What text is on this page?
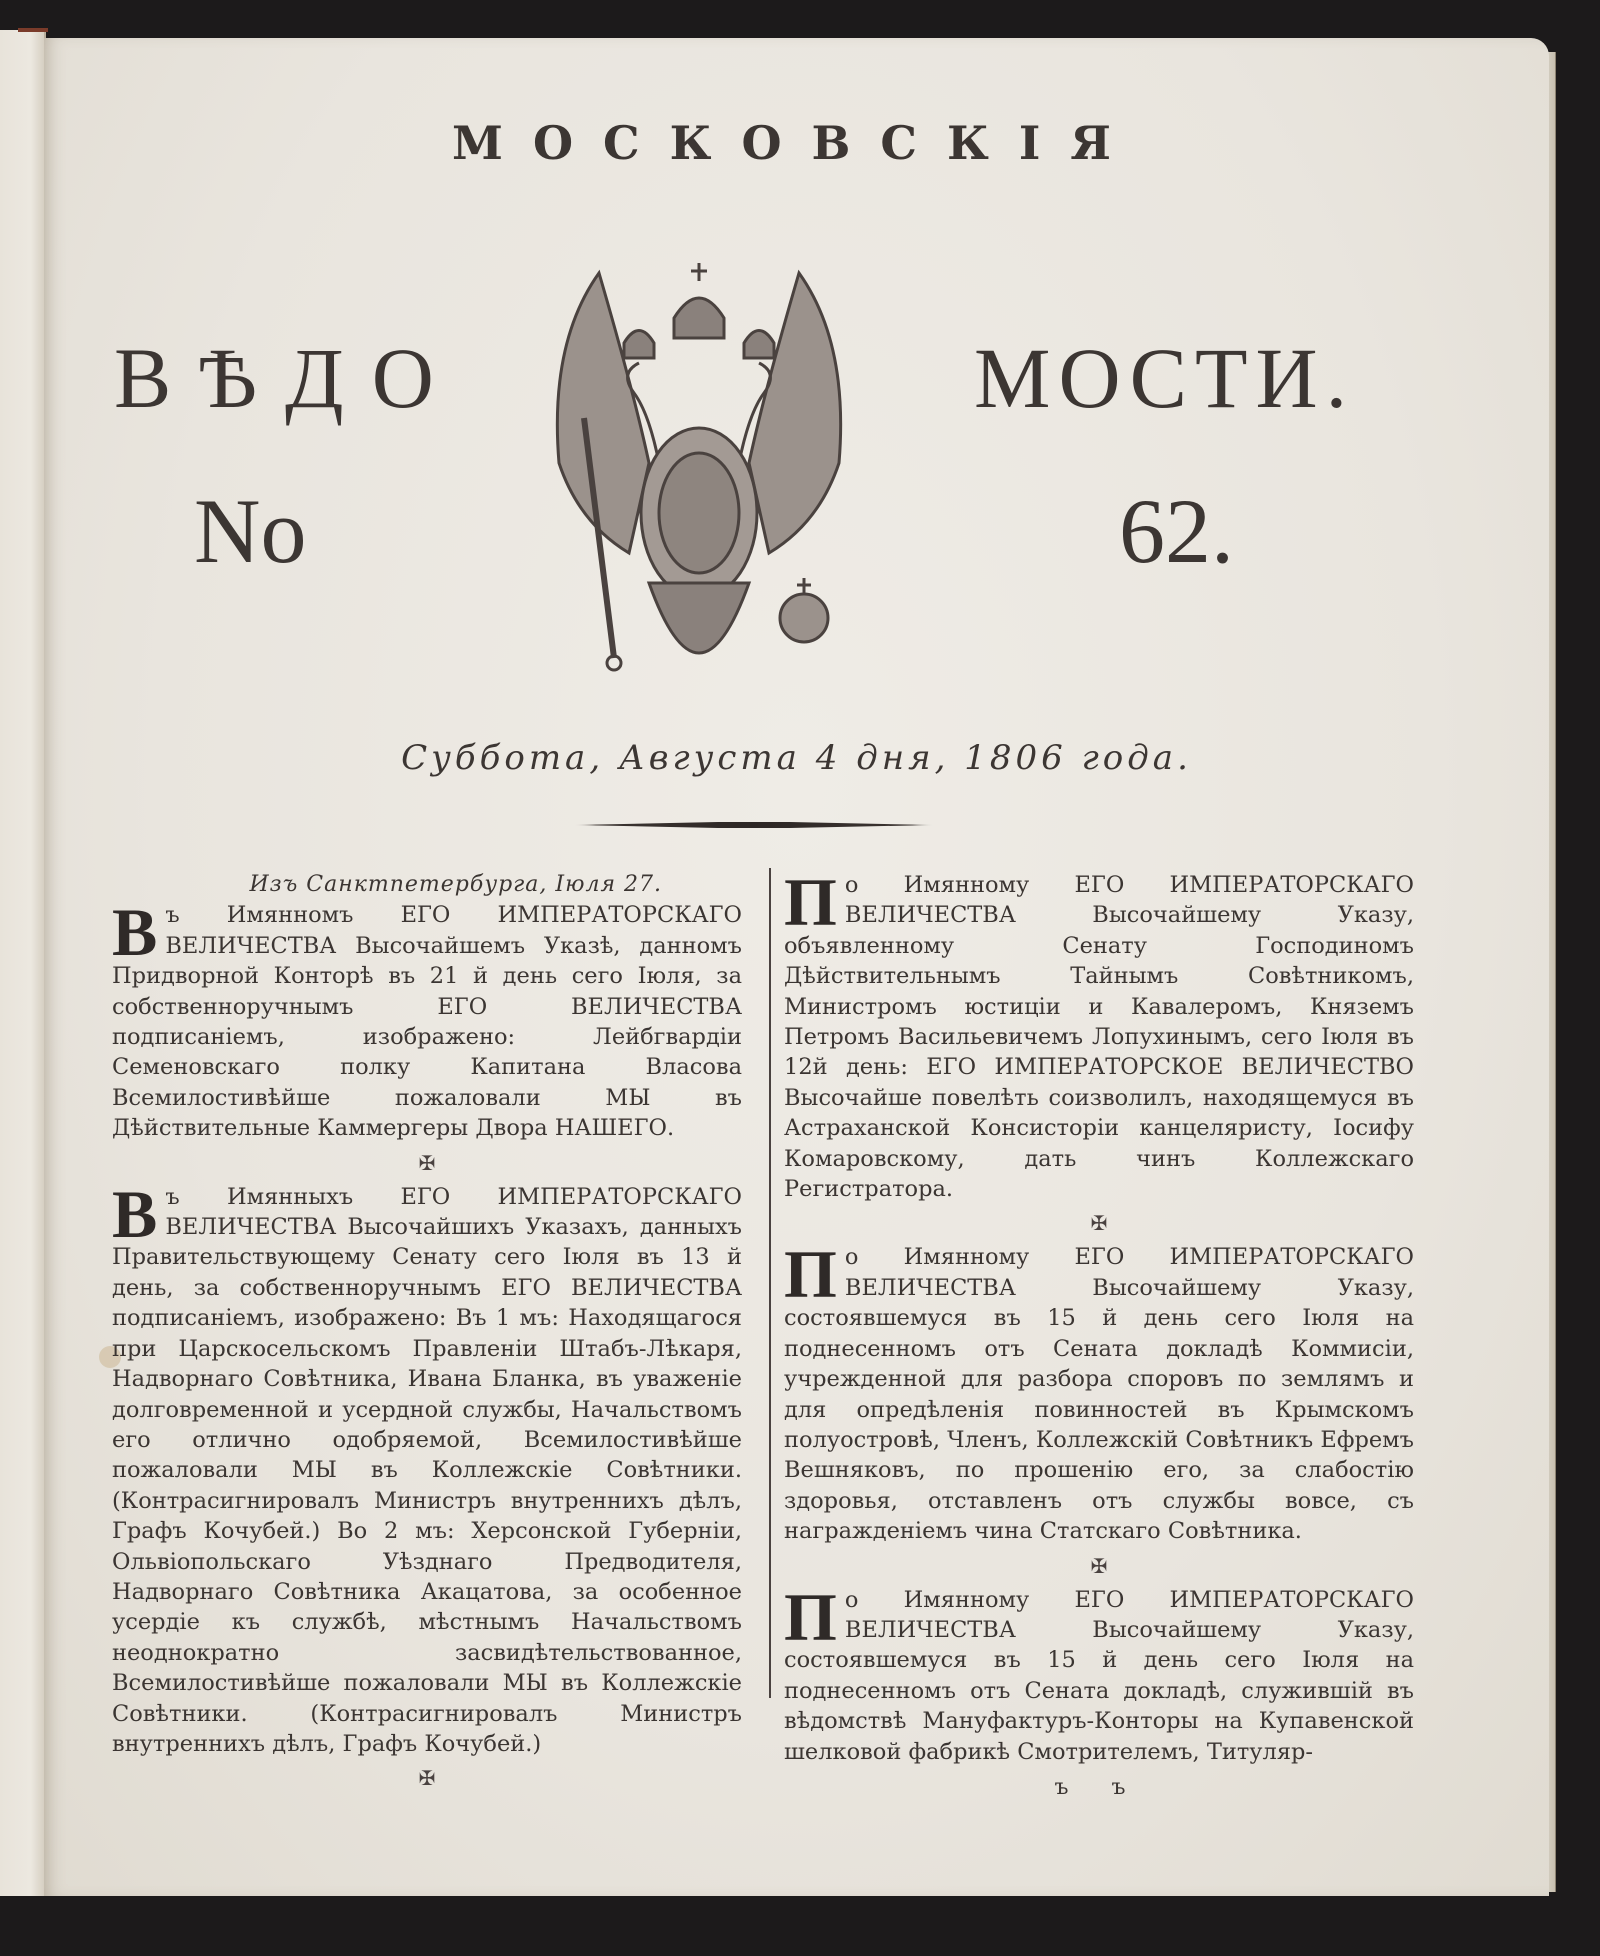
МОСКОВСКІЯ
ВѢДО	МОСТИ.
No	62.
Суббота, Августа 4 дня, 1806 года.
Изъ Санктпетербурга, Іюля 27.

В ъ Имянномъ ЕГО ИМПЕРАТОРСКАГО ВЕЛИЧЕСТВА Высочайшемъ Указѣ, данномъ Придворной Конторѣ въ 21 й день сего Іюля, за собственноручнымъ ЕГО ВЕЛИЧЕСТВА подписаніемъ, изображено: Лейбгвардіи Семеновскаго полку Капитана Власова Всемилостивѣйше пожаловали МЫ въ Дѣйствительные Каммергеры Двора НАШЕГО.

✠

В ъ Имянныхъ ЕГО ИМПЕРАТОРСКАГО ВЕЛИЧЕСТВА Высочайшихъ Указахъ, данныхъ Правительствующему Сенату сего Іюля въ 13 й день, за собственноручнымъ ЕГО ВЕЛИЧЕСТВА подписаніемъ, изображено: Въ 1 мъ: Находящагося при Царскосельскомъ Правленіи Штабъ-Лѣкаря, Надворнаго Совѣтника, Ивана Бланка, въ уваженіе долговременной и усердной службы, Начальствомъ его отлично одобряемой, Всемилостивѣйше пожаловали МЫ въ Коллежскіе Совѣтники. (Контрасигнировалъ Министръ внутреннихъ дѣлъ, Графъ Кочубей.) Во 2 мъ: Херсонской Губерніи, Ольвіопольскаго Уѣзднаго Предводителя, Надворнаго Совѣтника Акацатова, за особенное усердіе къ службѣ, мѣстнымъ Начальствомъ неоднократно засвидѣтельствованное, Всемилостивѣйше пожаловали МЫ въ Коллежскіе Совѣтники. (Контрасигнировалъ Министръ внутреннихъ дѣлъ, Графъ Кочубей.)

✠

П о Имянному ЕГО ИМПЕРАТОРСКАГО ВЕЛИЧЕСТВА Высочайшему Указу, объявленному Сенату Господиномъ Дѣйствительнымъ Тайнымъ Совѣтникомъ, Министромъ юстиціи и Кавалеромъ, Княземъ Петромъ Васильевичемъ Лопухинымъ, сего Іюля въ 12й день: ЕГО ИМПЕРАТОРСКОЕ ВЕЛИЧЕСТВО Высочайше повелѣть соизволилъ, находящемуся въ Астраханской Консисторіи канцеляристу, Іосифу Комаровскому, дать чинъ Коллежскаго Регистратора.

✠

П о Имянному ЕГО ИМПЕРАТОРСКАГО ВЕЛИЧЕСТВА Высочайшему Указу, состоявшемуся въ 15 й день сего Іюля на поднесенномъ отъ Сената докладѣ Коммисіи, учрежденной для разбора споровъ по землямъ и для опредѣленія повинностей въ Крымскомъ полуостровѣ, Членъ, Коллежскій Совѣтникъ Ефремъ Вешняковъ, по прошенію его, за слабостію здоровья, отставленъ отъ службы вовсе, съ награжденіемъ чина Статскаго Совѣтника.

✠

П о Имянному ЕГО ИМПЕРАТОРСКАГО ВЕЛИЧЕСТВА Высочайшему Указу, состоявшемуся въ 15 й день сего Іюля на поднесенномъ отъ Сената докладѣ, служившій въ вѣдомствѣ Мануфактуръ-Конторы на Купавенской шелковой фабрикѣ Смотрителемъ, Титуляр-

ъ ъ
